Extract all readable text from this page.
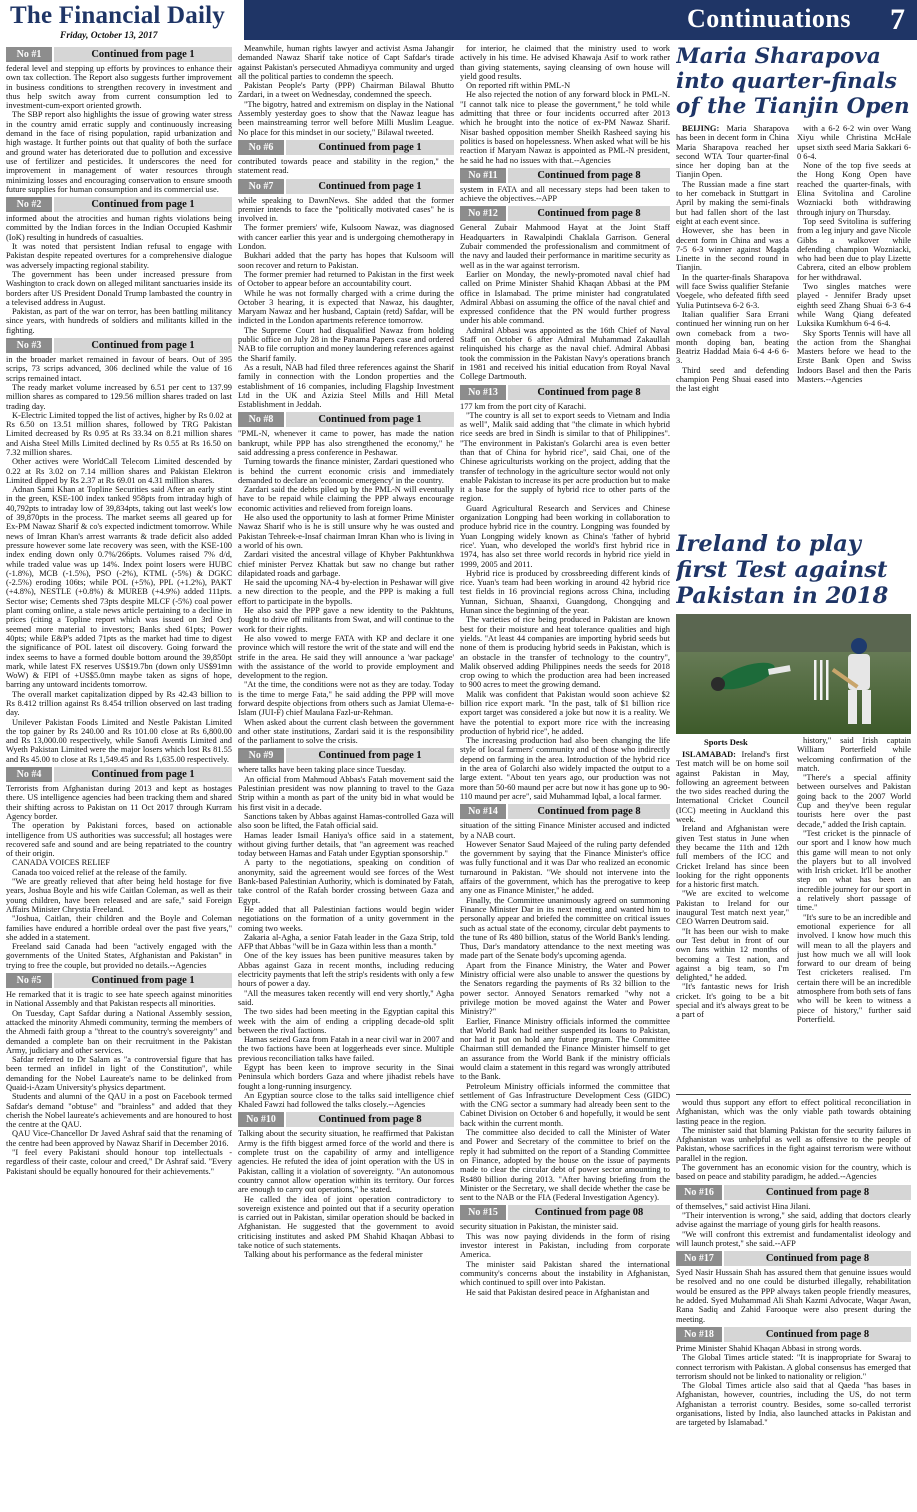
The Financial Daily
Friday, October 13, 2017
Continuations 7
No #1	Continued from page 1

federal level and stepping up efforts by provinces to enhance their own tax collection. The Report also suggests further improvement in business conditions to strengthen recovery in investment and thus help switch away from current consumption led to investment-cum-export oriented growth.

The SBP report also highlights the issue of growing water stress in the country amid erratic supply and continuously increasing demand in the face of rising population, rapid urbanization and high wastage. It further points out that quality of both the surface and ground water has deteriorated due to pollution and excessive use of fertilizer and pesticides. It underscores the need for improvement in management of water resources through minimizing losses and encouraging conservation to ensure smooth future supplies for human consumption and its commercial use.

No #2	Continued from page 1

informed about the atrocities and human rights violations being committed by the Indian forces in the Indian Occupied Kashmir (IoK) resulting in hundreds of casualties.

It was noted that persistent Indian refusal to engage with Pakistan despite repeated overtures for a comprehensive dialogue was adversely impacting regional stability.

The government has been under increased pressure from Washington to crack down on alleged militant sanctuaries inside its borders after US President Donald Trump lambasted the country in a televised address in August.

Pakistan, as part of the war on terror, has been battling militancy since years, with hundreds of soldiers and militants killed in the fighting.

No #3	Continued from page 1

in the broader market remained in favour of bears. Out of 395 scrips, 73 scrips advanced, 306 declined while the value of 16 scrips remained intact.

The ready market volume increased by 6.51 per cent to 137.99 million shares as compared to 129.56 million shares traded on last trading day.

K-Electric Limited topped the list of actives, higher by Rs 0.02 at Rs 6.50 on 13.51 million shares, followed by TRG Pakistan Limited decreased by Rs 0.95 at Rs 33.34 on 8.21 million shares and Aisha Steel Mills Limited declined by Rs 0.55 at Rs 16.50 on 7.32 million shares.

Other actives were WorldCall Telecom Limited descended by 0.22 at Rs 3.02 on 7.14 million shares and Pakistan Elektron Limited dipped by Rs 2.37 at Rs 69.01 on 4.31 million shares.

Adnan Sami Khan at Topline Securities said After an early stint in the green, KSE-100 index tanked 958pts from intraday high of 40,792pts to intraday low of 39,834pts, taking out last week's low of 39,870pts in the process. The market seems all geared up for Ex-PM Nawaz Sharif & co's expected indictment tomorrow. While news of Imran Khan's arrest warrants & trade deficit also added pressure however some late recovery was seen, with the KSE-100 index ending down only 0.7%/266pts. Volumes raised 7% d/d, while traded value was up 14%. Index point losers were HUBC (-1.8%), MCB (-1.5%), PSO (-2%), KTML (-5%) & DGKC (-2.5%) eroding 106ts; while POL (+5%), PPL (+1.2%), PAKT (+4.8%), NESTLE (+0.8%) & MUREB (+4.9%) added 111pts. Sector wise; Cements shed 73pts despite MLCF (-5%) coal power plant coming online, a stale news article pertaining to a decline in prices (citing a Topline report which was issued on 3rd Oct) seemed more material to investors; Banks shed 61pts; Power 40pts; while E&P's added 71pts as the market had time to digest the significance of POL latest oil discovery. Going forward the index seems to have a formed double bottom around the 39,850pt mark, while latest FX reserves US$19.7bn (down only US$91mn WoW) & FIPI of +US$5.0mn maybe taken as signs of hope, barring any untoward incidents tomorrow.

The overall market capitalization dipped by Rs 42.43 billion to Rs 8.412 trillion against Rs 8.454 trillion observed on last trading day.

Unilever Pakistan Foods Limited and Nestle Pakistan Limited the top gainer by Rs 240.00 and Rs 101.00 close at Rs 6,800.00 and Rs 13,000.00 respectively, while Sanofi Aventis Limited and Wyeth Pakistan Limited were the major losers which lost Rs 81.55 and Rs 45.00 to close at Rs 1,549.45 and Rs 1,635.00 respectively.

No #4	Continued from page 1

Terrorists from Afghanistan during 2013 and kept as hostages there. US intelligence agencies had been tracking them and shared their shifting across to Pakistan on 11 Oct 2017 through Kurram Agency border.

The operation by Pakistani forces, based on actionable intelligence from US authorities was successful; all hostages were recovered safe and sound and are being repatriated to the country of their origin.

CANADA VOICES RELIEF

Canada too voiced relief at the release of the family.

"We are greatly relieved that after being held hostage for five years, Joshua Boyle and his wife Caitlan Coleman, as well as their young children, have been released and are safe," said Foreign Affairs Minister Chrystia Freeland.

"Joshua, Caitlan, their children and the Boyle and Coleman families have endured a horrible ordeal over the past five years," she added in a statement.

Freeland said Canada had been "actively engaged with the governments of the United States, Afghanistan and Pakistan" in trying to free the couple, but provided no details.--Agencies

No #5	Continued from page 1

He remarked that it is tragic to see hate speech against minorities in National Assembly and that Pakistan respects all minorities.

On Tuesday, Capt Safdar during a National Assembly session, attacked the minority Ahmedi community, terming the members of the Ahmedi faith group a "threat to the country's sovereignty" and demanded a complete ban on their recruitment in the Pakistan Army, judiciary and other services.

Safdar referred to Dr Salam as "a controversial figure that has been termed an infidel in light of the Constitution", while demanding for the Nobel Laureate's name to be delinked from Quaid-i-Azam University's physics department.

Students and alumni of the QAU in a post on Facebook termed Safdar's demand "obtuse" and "brainless" and added that they cherish the Nobel laureate's achievements and are honoured to host the centre at the QAU.

QAU Vice-Chancellor Dr Javed Ashraf said that the renaming of the centre had been approved by Nawaz Sharif in December 2016.

"I feel every Pakistani should honour top intellectuals - regardless of their caste, colour and creed," Dr Ashraf said. "Every Pakistani should be equally honoured for their achievements."

Meanwhile, human rights lawyer and activist Asma Jahangir demanded Nawaz Sharif take notice of Capt Safdar's tirade against Pakistan's persecuted Ahmadiyya community and urged all the political parties to condemn the speech.

Pakistan People's Party (PPP) Chairman Bilawal Bhutto Zardari, in a tweet on Wednesday, condemned the speech.

"The bigotry, hatred and extremism on display in the National Assembly yesterday goes to show that the Nawaz league has been mainstreaming terror well before Milli Muslim League. No place for this mindset in our society," Bilawal tweeted.

No #6	Continued from page 1

contributed towards peace and stability in the region," the statement read.

No #7	Continued from page 1

while speaking to DawnNews. She added that the former premier intends to face the "politically motivated cases" he is involved in.

The former premiers' wife, Kulsoom Nawaz, was diagnosed with cancer earlier this year and is undergoing chemotherapy in London.

Bukhari added that the party has hopes that Kulsoom will soon recover and return to Pakistan.

The former premier had returned to Pakistan in the first week of October to appear before an accountability court.

While he was not formally charged with a crime during the October 3 hearing, it is expected that Nawaz, his daughter, Maryam Nawaz and her husband, Captain (retd) Safdar, will be indicted in the London apartments reference tomorrow.

The Supreme Court had disqualified Nawaz from holding public office on July 28 in the Panama Papers case and ordered NAB to file corruption and money laundering references against the Sharif family.

As a result, NAB had filed three references against the Sharif family in connection with the London properties and the establishment of 16 companies, including Flagship Investment Ltd in the UK and Azizia Steel Mills and Hill Metal Establishment in Jeddah.

No #8	Continued from page 1

"PML-N, whenever it came to power, has made the nation bankrupt, while PPP has also strengthened the economy," he said addressing a press conference in Peshawar.

Turning towards the finance minister, Zardari questioned who is behind the current economic crisis and immediately demanded to declare an 'economic emergency' in the country.

Zardari said the debts piled up by the PML-N will eventually have to be repaid while claiming the PPP always encourage economic activities and relieved from foreign loans.

He also used the opportunity to lash at former Prime Minister Nawaz Sharif who is he is still unsure why he was ousted and Pakistan Tehreek-e-Insaf chairman Imran Khan who is living in a world of his own.

Zardari visited the ancestral village of Khyber Pakhtunkhwa chief minister Pervez Khattak but saw no change but rather dilapidated roads and garbage.

He said the upcoming NA-4 by-election in Peshawar will give a new direction to the people, and the PPP is making a full effort to participate in the bypolls.

He also said the PPP gave a new identity to the Pakhtuns, fought to drive off militants from Swat, and will continue to the work for their rights.

He also vowed to merge FATA with KP and declare it one province which will restore the writ of the state and will end the strife in the area. He said they will announce a 'war package' with the assistance of the world to provide employment and development to the region.

"At the time, the conditions were not as they are today. Today is the time to merge Fata," he said adding the PPP will move forward despite objections from others such as Jamiat Ulema-e-Islam (JUI-F) chief Maulana Fazl-ur-Rehman.

When asked about the current clash between the government and other state institutions, Zardari said it is the responsibility of the parliament to solve the crisis.

No #9	Continued from page 1

where talks have been taking place since Tuesday.

An official from Mahmoud Abbas's Fatah movement said the Palestinian president was now planning to travel to the Gaza Strip within a month as part of the unity bid in what would be his first visit in a decade.

Sanctions taken by Abbas against Hamas-controlled Gaza will also soon be lifted, the Fatah official said.

Hamas leader Ismail Haniya's office said in a statement, without giving further details, that "an agreement was reached today between Hamas and Fatah under Egyptian sponsorship."

A party to the negotiations, speaking on condition of anonymity, said the agreement would see forces of the West Bank-based Palestinian Authority, which is dominated by Fatah, take control of the Rafah border crossing between Gaza and Egypt.

He added that all Palestinian factions would begin wider negotiations on the formation of a unity government in the coming two weeks.

Zakaria al-Agha, a senior Fatah leader in the Gaza Strip, told AFP that Abbas "will be in Gaza within less than a month."

One of the key issues has been punitive measures taken by Abbas against Gaza in recent months, including reducing electricity payments that left the strip's residents with only a few hours of power a day.

"All the measures taken recently will end very shortly," Agha said.

The two sides had been meeting in the Egyptian capital this week with the aim of ending a crippling decade-old split between the rival factions.

Hamas seized Gaza from Fatah in a near civil war in 2007 and the two factions have been at loggerheads ever since. Multiple previous reconciliation talks have failed.

Egypt has been keen to improve security in the Sinai Peninsula which borders Gaza and where jihadist rebels have fought a long-running insurgency.

An Egyptian source close to the talks said intelligence chief Khaled Fawzi had followed the talks closely.--Agencies

No #10	Continued from page 8

Talking about the security situation, he reaffirmed that Pakistan Army is the fifth biggest armed force of the world and there is complete trust on the capability of army and intelligence agencies. He refuted the idea of joint operation with the US in Pakistan, calling it a violation of sovereignty. "An autonomous country cannot allow operation within its territory. Our forces are enough to carry out operations," he stated.

He called the idea of joint operation contradictory to sovereign existence and pointed out that if a security operation is carried out in Pakistan, similar operation should be backed in Afghanistan. He suggested that the government to avoid criticising institutes and asked PM Shahid Khaqan Abbasi to take notice of such statements.

Talking about his performance as the federal minister

for interior, he claimed that the ministry used to work actively in his time. He advised Khawaja Asif to work rather than giving statements, saying cleansing of own house will yield good results.

On reported rift within PML-N

He also rejected the notion of any forward block in PML-N. "I cannot talk nice to please the government," he told while admitting that three or four incidents occurred after 2013 which he brought into the notice of ex-PM Nawaz Sharif. Nisar bashed opposition member Sheikh Rasheed saying his politics is based on hopelessness. When asked what will be his reaction if Maryam Nawaz is appointed as PML-N president, he said he had no issues with that.--Agencies

No #11	Continued from page 8

system in FATA and all necessary steps had been taken to achieve the objectives.--APP

No #12	Continued from page 8

General Zubair Mahmood Hayat at the Joint Staff Headquarters in Rawalpindi Chaklala Garrison. General Zubair commended the professionalism and commitment of the navy and lauded their performance in maritime security as well as in the war against terrorism.

Earlier on Monday, the newly-promoted naval chief had called on Prime Minister Shahid Khaqan Abbasi at the PM office in Islamabad. The prime minister had congratulated Admiral Abbasi on assuming the office of the naval chief and expressed confidence that the PN would further progress under his able command.

Admiral Abbasi was appointed as the 16th Chief of Naval Staff on October 6 after Admiral Muhammad Zakaullah relinquished his charge as the naval chief. Admiral Abbasi took the commission in the Pakistan Navy's operations branch in 1981 and received his initial education from Royal Naval College Dartmouth.

No #13	Continued from page 8

177 km from the port city of Karachi.

"The country is all set to export seeds to Vietnam and India as well", Malik said adding that "the climate in which hybrid rice seeds are bred in Sindh is similar to that of Philippines". "The environment in Pakistan's Golarchi area is even better than that of China for hybrid rice", said Chai, one of the Chinese agriculturists working on the project, adding that the transfer of technology in the agriculture sector would not only enable Pakistan to increase its per acre production but to make it a base for the supply of hybrid rice to other parts of the region.

Guard Agricultural Research and Services and Chinese organization Longping had been working in collaboration to produce hybrid rice in the country. Longping was founded by Yuan Longping widely known as China's 'father of hybrid rice'. Yuan, who developed the world's first hybrid rice in 1974, has also set three world records in hybrid rice yield in 1999, 2005 and 2011.

Hybrid rice is produced by crossbreeding different kinds of rice. Yuan's team had been working in around 42 hybrid rice test fields in 16 provincial regions across China, including Yunnan, Sichuan, Shaanxi, Guangdong, Chongqing and Hunan since the beginning of the year.

The varieties of rice being produced in Pakistan are known best for their moisture and heat tolerance qualities and high yields. "At least 44 companies are importing hybrid seeds but none of them is producing hybrid seeds in Pakistan, which is an obstacle in the transfer of technology to the country", Malik observed adding Philippines needs the seeds for 2018 crop owing to which the production area had been increased to 900 acres to meet the growing demand.

Malik was confident that Pakistan would soon achieve $2 billion rice export mark. "In the past, talk of $1 billion rice export target was considered a joke but now it is a reality. We have the potential to export more rice with the increasing production of hybrid rice", he added.

The increasing production had also been changing the life style of local farmers' community and of those who indirectly depend on farming in the area. Introduction of the hybrid rice in the area of Golarchi also widely impacted the output to a large extent. "About ten years ago, our production was not more than 50-60 maund per acre but now it has gone up to 90-110 maund per acre", said Muhammad Iqbal, a local farmer.

No #14	Continued from page 8

situation of the sitting Finance Minister accused and indicted by a NAB court.

However Senator Saud Majeed of the ruling party defended the government by saying that the Finance Minister's office was fully functional and it was Dar who realized an economic turnaround in Pakistan. "We should not intervene into the affairs of the government, which has the prerogative to keep any one as Finance Minister," he added.

Finally, the Committee unanimously agreed on summoning Finance Minister Dar in its next meeting and wanted him to personally appear and briefed the committee on critical issues such as actual state of the economy, circular debt payments to the tune of Rs 480 billion, status of the World Bank's lending. Thus, Dar's mandatory attendance to the next meeting was made part of the Senate body's upcoming agenda.

Apart from the Finance Ministry, the Water and Power Ministry official were also unable to answer the questions by the Senators regarding the payments of Rs 32 billion to the power sector. Annoyed Senators remarked "why not a privilege motion be moved against the Water and Power Ministry?"

Earlier, Finance Ministry officials informed the committee that World Bank had neither suspended its loans to Pakistan, nor had it put on hold any future program. The Committee Chairman still demanded the Finance Minister himself to get an assurance from the World Bank if the ministry officials would claim a statement in this regard was wrongly attributed to the Bank.

Petroleum Ministry officials informed the committee that settlement of Gas Infrastructure Development Cess (GIDC) with the CNG sector a summary had already been sent to the Cabinet Division on October 6 and hopefully, it would be sent back within the current month.

The committee also decided to call the Minister of Water and Power and Secretary of the committee to brief on the reply it had submitted on the report of a Standing Committee on Finance, adopted by the house on the issue of payments made to clear the circular debt of power sector amounting to Rs480 billion during 2013. "After having briefing from the Minister or the Secretary, we shall decide whether the case be sent to the NAB or the FIA (Federal Investigation Agency).

No #15	Continued from page 08

security situation in Pakistan, the minister said.

This was now paying dividends in the form of rising investor interest in Pakistan, including from corporate America.

The minister said Pakistan shared the international community's concerns about the instability in Afghanistan, which continued to spill over into Pakistan.

He said that Pakistan desired peace in Afghanistan and

Maria Sharapova into quarter-finals of the Tianjin Open

BEIJING: Maria Sharapova has been in decent form in China Maria Sharapova reached her second WTA Tour quarter-final since her doping ban at the Tianjin Open.

The Russian made a fine start to her comeback in Stuttgart in April by making the semi-finals but had fallen short of the last eight at each event since.

However, she has been in decent form in China and was a 7-5 6-3 winner against Magda Linette in the second round in Tianjin.

In the quarter-finals Sharapova will face Swiss qualifier Stefanie Voegele, who defeated fifth seed Yulia Putintseva 6-2 6-3.

Italian qualifier Sara Errani continued her winning run on her own comeback from a two-month doping ban, beating Beatriz Haddad Maia 6-4 4-6 6-3.

Third seed and defending champion Peng Shuai eased into the last eight

with a 6-2 6-2 win over Wang Xiyu while Christina McHale upset sixth seed Maria Sakkari 6-0 6-4.

None of the top five seeds at the Hong Kong Open have reached the quarter-finals, with Elina Svitolina and Caroline Wozniacki both withdrawing through injury on Thursday.

Top seed Svitolina is suffering from a leg injury and gave Nicole Gibbs a walkover while defending champion Wozniacki, who had been due to play Lizette Cabrera, cited an elbow problem for her withdrawal.

Two singles matches were played - Jennifer Brady upset eighth seed Zhang Shuai 6-3 6-4 while Wang Qiang defeated Luksika Kumkhum 6-4 6-4.

Sky Sports Tennis will have all the action from the Shanghai Masters before we head to the Erste Bank Open and Swiss Indoors Basel and then the Paris Masters.--Agencies

Ireland to play first Test against Pakistan in 2018
Sports Desk

ISLAMABAD: Ireland's first Test match will be on home soil against Pakistan in May, following an agreement between the two sides reached during the International Cricket Council (ICC) meeting in Auckland this week.

Ireland and Afghanistan were given Test status in June when they became the 11th and 12th full members of the ICC and Cricket Ireland has since been looking for the right opponents for a historic first match.

"We are excited to welcome Pakistan to Ireland for our inaugural Test match next year," CEO Warren Deutrom said.

"It has been our wish to make our Test debut in front of our own fans within 12 months of becoming a Test nation, and against a big team, so I'm delighted," he added.

"It's fantastic news for Irish cricket. It's going to be a bit special and it's always great to be a part of

history," said Irish captain William Porterfield while welcoming confirmation of the match.

"There's a special affinity between ourselves and Pakistan going back to the 2007 World Cup and they've been regular tourists here over the past decade," added the Irish captain.

"Test cricket is the pinnacle of our sport and I know how much this game will mean to not only the players but to all involved with Irish cricket. It'll be another step on what has been an incredible journey for our sport in a relatively short passage of time."

"It's sure to be an incredible and emotional experience for all involved. I know how much this will mean to all the players and just how much we all will look forward to our dream of being Test cricketers realised. I'm certain there will be an incredible atmosphere from both sets of fans who will be keen to witness a piece of history," further said Porterfield.

would thus support any effort to effect political reconciliation in Afghanistan, which was the only viable path towards obtaining lasting peace in the region.

The minister said that blaming Pakistan for the security failures in Afghanistan was unhelpful as well as offensive to the people of Pakistan, whose sacrifices in the fight against terrorism were without parallel in the region.

The government has an economic vision for the country, which is based on peace and stability paradigm, he added.--Agencies

No #16	Continued from page 8

of themselves," said activist Hina Jilani.

"Their intervention is wrong," she said, adding that doctors clearly advise against the marriage of young girls for health reasons.

"We will confront this extremist and fundamentalist ideology and will launch protest," she said.--AFP

No #17	Continued from page 8

Syed Nasir Hussain Shah has assured them that genuine issues would be resolved and no one could be disturbed illegally, rehabilitation would be ensured as the PPP always taken people friendly measures, he added. Syed Muhammad Ali Shah Kazmi Advocate, Waqar Awan, Rana Sadiq and Zahid Farooque were also present during the meeting.

No #18	Continued from page 8

Prime Minister Shahid Khaqan Abbasi in strong words.

The Global Times article stated: "It is inappropriate for Swaraj to connect terrorism with Pakistan. A global consensus has emerged that terrorism should not be linked to nationality or religion."

The Global Times article also said that al Qaeda "has bases in Afghanistan, however, countries, including the US, do not term Afghanistan a terrorist country. Besides, some so-called terrorist organisations, listed by India, also launched attacks in Pakistan and are targeted by Islamabad."
